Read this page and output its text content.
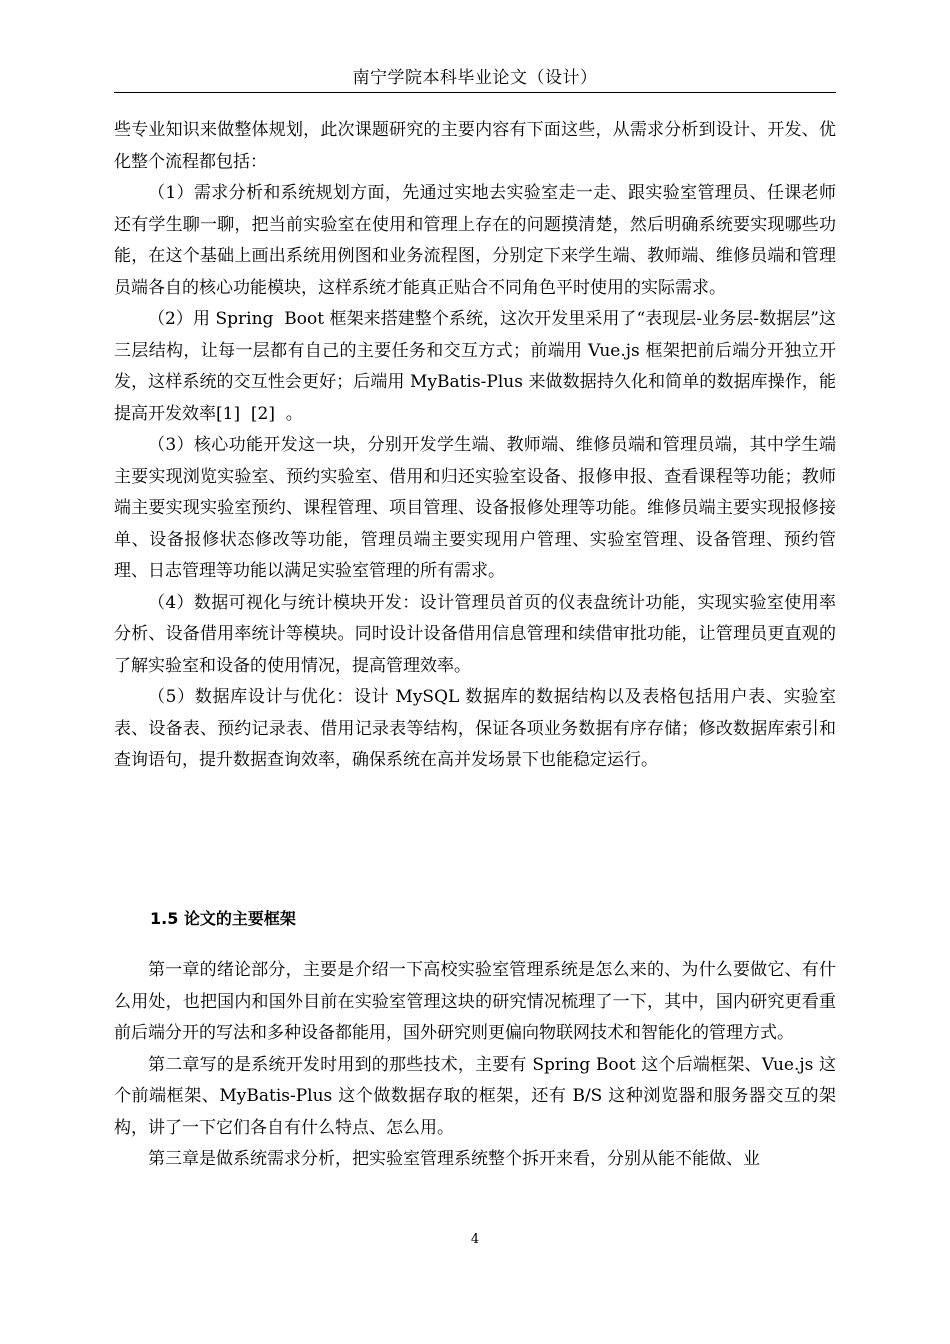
南宁学院本科毕业论文（设计）

些专业知识来做整体规划，此次课题研究的主要内容有下面这些，从需求分析到设计、开发、优化整个流程都包括：

（1）需求分析和系统规划方面，先通过实地去实验室走一走、跟实验室管理员、任课老师还有学生聊一聊，把当前实验室在使用和管理上存在的问题摸清楚，然后明确系统要实现哪些功能，在这个基础上画出系统用例图和业务流程图，分别定下来学生端、教师端、维修员端和管理员端各自的核心功能模块，这样系统才能真正贴合不同角色平时使用的实际需求。

（2）用 Spring  Boot 框架来搭建整个系统，这次开发里采用了“表现层-业务层-数据层”这三层结构，让每一层都有自己的主要任务和交互方式；前端用 Vue.js 框架把前后端分开独立开发，这样系统的交互性会更好；后端用 MyBatis-Plus 来做数据持久化和简单的数据库操作，能提高开发效率[1]  [2]  。

（3）核心功能开发这一块，分别开发学生端、教师端、维修员端和管理员端，其中学生端主要实现浏览实验室、预约实验室、借用和归还实验室设备、报修申报、查看课程等功能；教师端主要实现实验室预约、课程管理、项目管理、设备报修处理等功能。维修员端主要实现报修接单、设备报修状态修改等功能，管理员端主要实现用户管理、实验室管理、设备管理、预约管理、日志管理等功能以满足实验室管理的所有需求。

（4）数据可视化与统计模块开发：设计管理员首页的仪表盘统计功能，实现实验室使用率分析、设备借用率统计等模块。同时设计设备借用信息管理和续借审批功能，让管理员更直观的了解实验室和设备的使用情况，提高管理效率。

（5）数据库设计与优化：设计 MySQL 数据库的数据结构以及表格包括用户表、实验室表、设备表、预约记录表、借用记录表等结构，保证各项业务数据有序存储；修改数据库索引和查询语句，提升数据查询效率，确保系统在高并发场景下也能稳定运行。

1.5 论文的主要框架

第一章的绪论部分，主要是介绍一下高校实验室管理系统是怎么来的、为什么要做它、有什么用处，也把国内和国外目前在实验室管理这块的研究情况梳理了一下，其中，国内研究更看重前后端分开的写法和多种设备都能用，国外研究则更偏向物联网技术和智能化的管理方式。

第二章写的是系统开发时用到的那些技术，主要有 Spring Boot 这个后端框架、Vue.js 这个前端框架、MyBatis-Plus 这个做数据存取的框架，还有 B/S 这种浏览器和服务器交互的架构，讲了一下它们各自有什么特点、怎么用。

第三章是做系统需求分析，把实验室管理系统整个拆开来看，分别从能不能做、业

4
